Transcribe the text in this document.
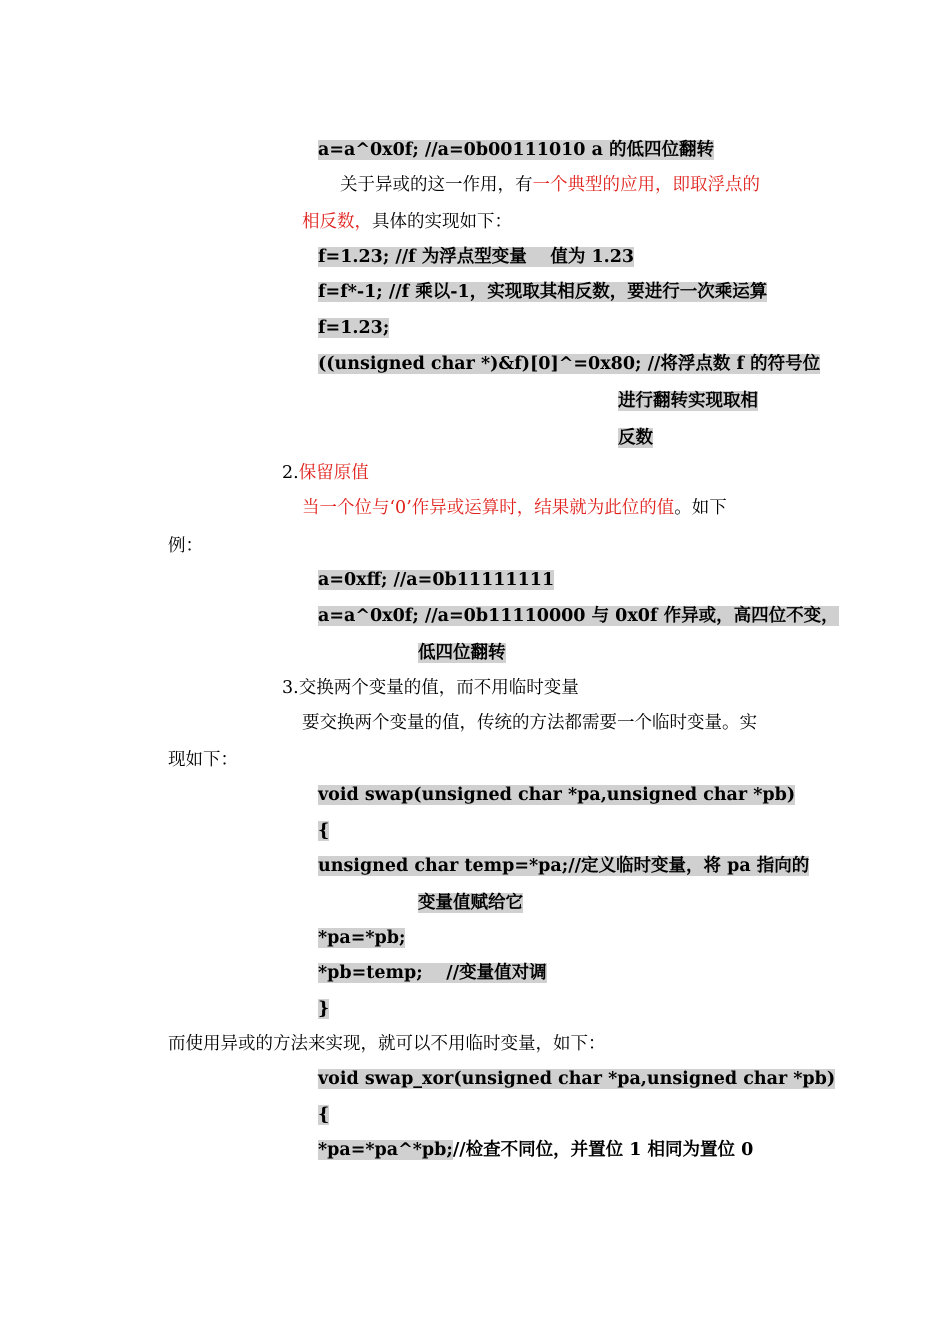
a=a^0x0f; //a=0b00111010 a 的低四位翻转
关于异或的这一作用，有一个典型的应用，即取浮点的
相反数，具体的实现如下：
f=1.23; //f 为浮点型变量　 值为 1.23
f=f*-1; //f 乘以-1，实现取其相反数，要进行一次乘运算
f=1.23;
((unsigned char *)&f)[0]^=0x80; //将浮点数 f 的符号位
进行翻转实现取相
反数
2.保留原值
当一个位与‘0’作异或运算时，结果就为此位的值。如下
例：
a=0xff; //a=0b11111111
a=a^0x0f; //a=0b11110000 与 0x0f 作异或，高四位不变，
低四位翻转
3.交换两个变量的值，而不用临时变量
要交换两个变量的值，传统的方法都需要一个临时变量。实
现如下：
void swap(unsigned char *pa,unsigned char *pb)
{
unsigned char temp=*pa;//定义临时变量，将 pa 指向的
变量值赋给它
*pa=*pb;
*pb=temp;　 //变量值对调
}
而使用异或的方法来实现，就可以不用临时变量，如下：
void swap_xor(unsigned char *pa,unsigned char *pb)
{
*pa=*pa^*pb;//检查不同位，并置位 1 相同为置位 0
